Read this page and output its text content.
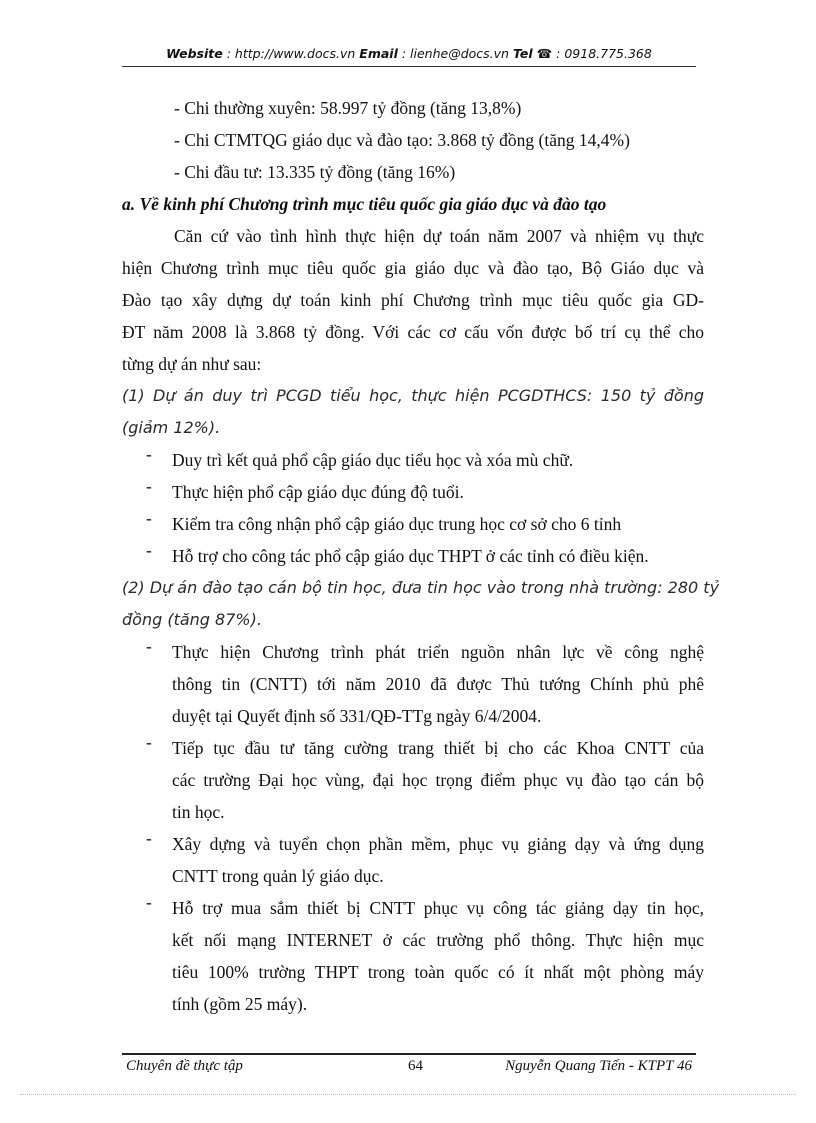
Website : http://www.docs.vn Email : lienhe@docs.vn Tel ☎ : 0918.775.368
- Chi thường xuyên: 58.997 tỷ đồng (tăng 13,8%)
- Chi CTMTQG giáo dục và đào tạo: 3.868 tỷ đồng (tăng 14,4%)
- Chi đầu tư: 13.335 tỷ đồng (tăng 16%)
a. Về kinh phí Chương trình mục tiêu quốc gia giáo dục và đào tạo
Căn cứ vào tình hình thực hiện dự toán năm 2007 và nhiệm vụ thực
hiện Chương trình mục tiêu quốc gia giáo dục và đào tạo, Bộ Giáo dục và
Đào tạo xây dựng dự toán kinh phí Chương trình mục tiêu quốc gia GD-
ĐT năm 2008 là 3.868 tỷ đồng. Với các cơ cấu vốn được bố trí cụ thể cho
từng dự án như sau:
(1) Dự án duy trì PCGD tiểu học, thực hiện PCGDTHCS: 150 tỷ đồng
(giảm 12%).
- Duy trì kết quả phổ cập giáo dục tiểu học và xóa mù chữ.
- Thực hiện phổ cập giáo dục đúng độ tuổi.
- Kiểm tra công nhận phổ cập giáo dục trung học cơ sở cho 6 tỉnh
- Hỗ trợ cho công tác phổ cập giáo dục THPT ở các tỉnh có điều kiện.
(2) Dự án đào tạo cán bộ tin học, đưa tin học vào trong nhà trường: 280 tỷ
đồng (tăng 87%).
- Thực hiện Chương trình phát triển nguồn nhân lực về công nghệ
thông tin (CNTT) tới năm 2010 đã được Thủ tướng Chính phủ phê
duyệt tại Quyết định số 331/QĐ-TTg ngày 6/4/2004.
- Tiếp tục đầu tư tăng cường trang thiết bị cho các Khoa CNTT của
các trường Đại học vùng, đại học trọng điểm phục vụ đào tạo cán bộ
tin học.
- Xây dựng và tuyển chọn phần mềm, phục vụ giảng dạy và ứng dụng
CNTT trong quản lý giáo dục.
- Hỗ trợ mua sắm thiết bị CNTT phục vụ công tác giảng dạy tin học,
kết nối mạng INTERNET ở các trường phổ thông. Thực hiện mục
tiêu 100% trường THPT trong toàn quốc có ít nhất một phòng máy
tính (gồm 25 máy).
Chuyên đề thực tập	64	Nguyễn Quang Tiến - KTPT 46
